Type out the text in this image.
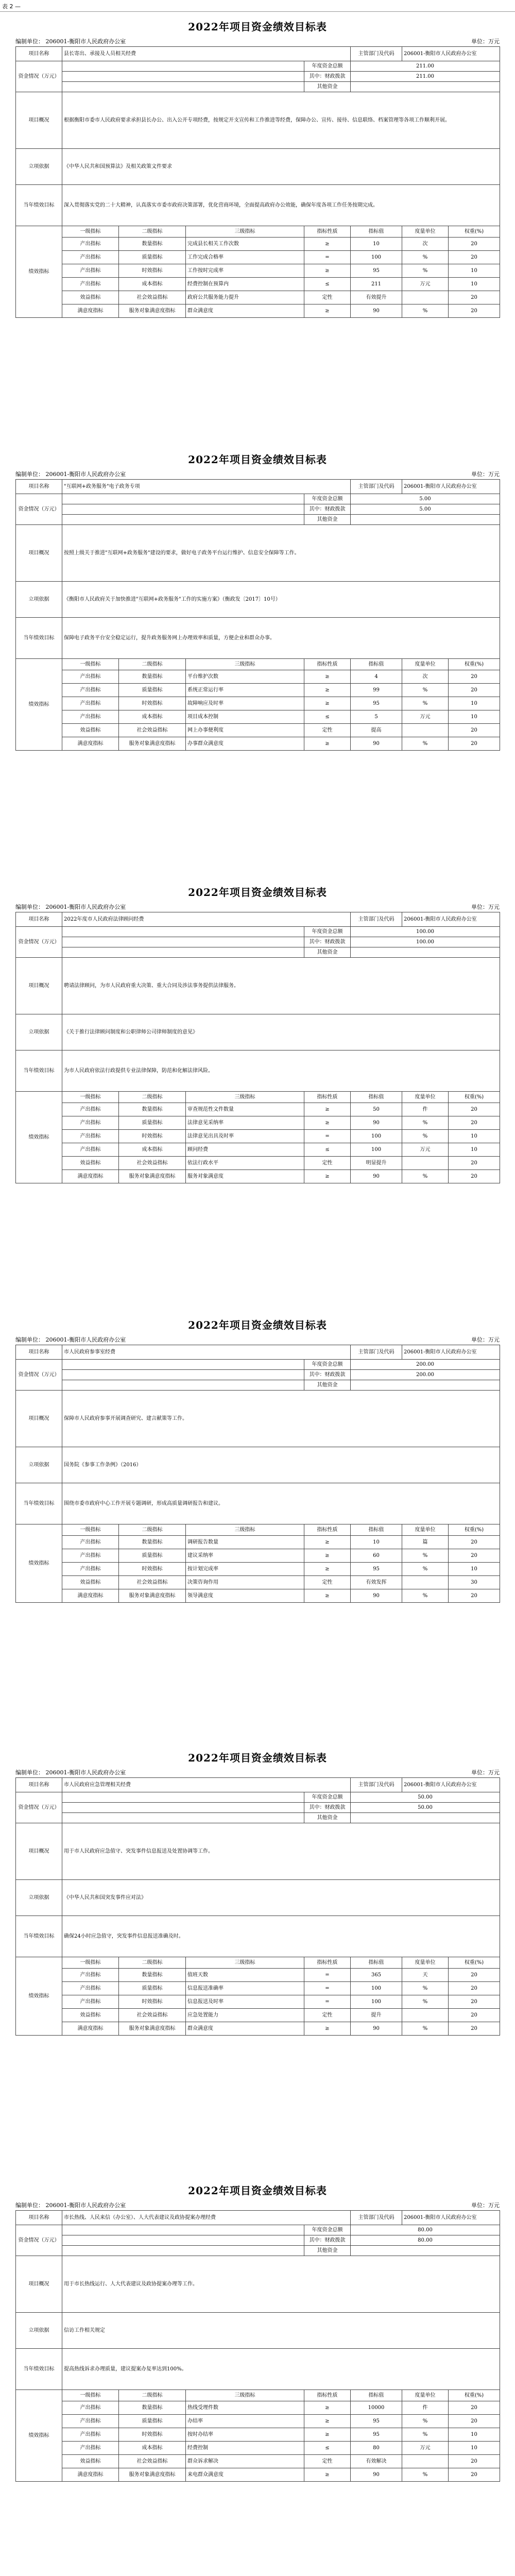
表 2 —
2022年项目资金绩效目标表
编制单位： 206001-衡阳市人民政府办公室	单位：万元
项目名称	县长寄出、承接及人员相关经费				主管部门及代码	206001-衡阳市人民政府办公室	
资金情况（万元）				年度资金总额	211.00		
				其中：财政拨款	211.00		
				其他资金			
项目概况	根据衡阳市委市人民政府要求承担县长办公、出入公开专项经费，按规定开支宣传和工作推进等经费，保障办公、宣传、接待、信息联络、档案管理等各项工作顺利开展。						
立项依据	《中华人民共和国预算法》及相关政策文件要求						
当年绩效目标	深入贯彻落实党的二十大精神，认真落实市委市政府决策部署，优化营商环境，全面提高政府办公效能，确保年度各项工作任务按期完成。						
绩效指标	一级指标	二级指标	三级指标	指标性质	指标值	度量单位	权重(%)
	产出指标	数量指标	完成县长相关工作次数	≥	10	次	20
	产出指标	质量指标	工作完成合格率	=	100	%	20
	产出指标	时效指标	工作按时完成率	≥	95	%	10
	产出指标	成本指标	经费控制在预算内	≤	211	万元	10
	效益指标	社会效益指标	政府公共服务能力提升	定性	有效提升		20
	满意度指标	服务对象满意度指标	群众满意度	≥	90	%	20
2022年项目资金绩效目标表
编制单位： 206001-衡阳市人民政府办公室	单位：万元
项目名称	"互联网+政务服务"电子政务专项				主管部门及代码	206001-衡阳市人民政府办公室	
资金情况（万元）				年度资金总额	5.00		
				其中：财政拨款	5.00		
				其他资金			
项目概况	按照上级关于推进"互联网+政务服务"建设的要求，做好电子政务平台运行维护、信息安全保障等工作。						
立项依据	《衡阳市人民政府关于加快推进"互联网+政务服务"工作的实施方案》（衡政发〔2017〕10号）						
当年绩效目标	保障电子政务平台安全稳定运行，提升政务服务网上办理效率和质量，方便企业和群众办事。						
绩效指标	一级指标	二级指标	三级指标	指标性质	指标值	度量单位	权重(%)
	产出指标	数量指标	平台维护次数	≥	4	次	20
	产出指标	质量指标	系统正常运行率	≥	99	%	20
	产出指标	时效指标	故障响应及时率	≥	95	%	10
	产出指标	成本指标	项目成本控制	≤	5	万元	10
	效益指标	社会效益指标	网上办事便利度	定性	提高		20
	满意度指标	服务对象满意度指标	办事群众满意度	≥	90	%	20
2022年项目资金绩效目标表
编制单位： 206001-衡阳市人民政府办公室	单位：万元
项目名称	2022年度市人民政府法律顾问经费				主管部门及代码	206001-衡阳市人民政府办公室	
资金情况（万元）				年度资金总额	100.00		
				其中：财政拨款	100.00		
				其他资金			
项目概况	聘请法律顾问，为市人民政府重大决策、重大合同及涉法事务提供法律服务。						
立项依据	《关于推行法律顾问制度和公职律师公司律师制度的意见》						
当年绩效目标	为市人民政府依法行政提供专业法律保障，防范和化解法律风险。						
绩效指标	一级指标	二级指标	三级指标	指标性质	指标值	度量单位	权重(%)
	产出指标	数量指标	审查规范性文件数量	≥	50	件	20
	产出指标	质量指标	法律意见采纳率	≥	90	%	20
	产出指标	时效指标	法律意见出具及时率	=	100	%	10
	产出指标	成本指标	顾问经费	≤	100	万元	10
	效益指标	社会效益指标	依法行政水平	定性	明显提升		20
	满意度指标	服务对象满意度指标	服务对象满意度	≥	90	%	20
2022年项目资金绩效目标表
编制单位： 206001-衡阳市人民政府办公室	单位：万元
项目名称	市人民政府参事室经费				主管部门及代码	206001-衡阳市人民政府办公室	
资金情况（万元）				年度资金总额	200.00		
				其中：财政拨款	200.00		
				其他资金			
项目概况	保障市人民政府参事开展调查研究、建言献策等工作。						
立项依据	国务院《参事工作条例》（2016）						
当年绩效目标	围绕市委市政府中心工作开展专题调研，形成高质量调研报告和建议。						
绩效指标	一级指标	二级指标	三级指标	指标性质	指标值	度量单位	权重(%)
	产出指标	数量指标	调研报告数量	≥	10	篇	20
	产出指标	质量指标	建议采纳率	≥	60	%	20
	产出指标	时效指标	按计划完成率	≥	95	%	10
	效益指标	社会效益指标	决策咨询作用	定性	有效发挥		30
	满意度指标	服务对象满意度指标	领导满意度	≥	90	%	20
2022年项目资金绩效目标表
编制单位： 206001-衡阳市人民政府办公室	单位：万元
项目名称	市人民政府应急管理相关经费				主管部门及代码	206001-衡阳市人民政府办公室	
资金情况（万元）				年度资金总额	50.00		
				其中：财政拨款	50.00		
				其他资金			
项目概况	用于市人民政府应急值守、突发事件信息报送及处置协调等工作。						
立项依据	《中华人民共和国突发事件应对法》						
当年绩效目标	确保24小时应急值守，突发事件信息报送准确及时。						
绩效指标	一级指标	二级指标	三级指标	指标性质	指标值	度量单位	权重(%)
	产出指标	数量指标	值班天数	=	365	天	20
	产出指标	质量指标	信息报送准确率	=	100	%	20
	产出指标	时效指标	信息报送及时率	=	100	%	20
	效益指标	社会效益指标	应急处置能力	定性	提升		20
	满意度指标	服务对象满意度指标	群众满意度	≥	90	%	20
2022年项目资金绩效目标表
编制单位： 206001-衡阳市人民政府办公室	单位：万元
项目名称	市长热线、人民来信（办公室）、人大代表建议及政协提案办理经费				主管部门及代码	206001-衡阳市人民政府办公室	
资金情况（万元）				年度资金总额	80.00		
				其中：财政拨款	80.00		
				其他资金			
项目概况	用于市长热线运行、人大代表建议及政协提案办理等工作。						
立项依据	信访工作相关规定						
当年绩效目标	提高热线诉求办理质量，建议提案办复率达到100%。						
绩效指标	一级指标	二级指标	三级指标	指标性质	指标值	度量单位	权重(%)
	产出指标	数量指标	热线受理件数	≥	10000	件	20
	产出指标	质量指标	办结率	≥	95	%	20
	产出指标	时效指标	按时办结率	≥	95	%	10
	产出指标	成本指标	经费控制	≤	80	万元	10
	效益指标	社会效益指标	群众诉求解决	定性	有效解决		20
	满意度指标	服务对象满意度指标	来电群众满意度	≥	90	%	20
